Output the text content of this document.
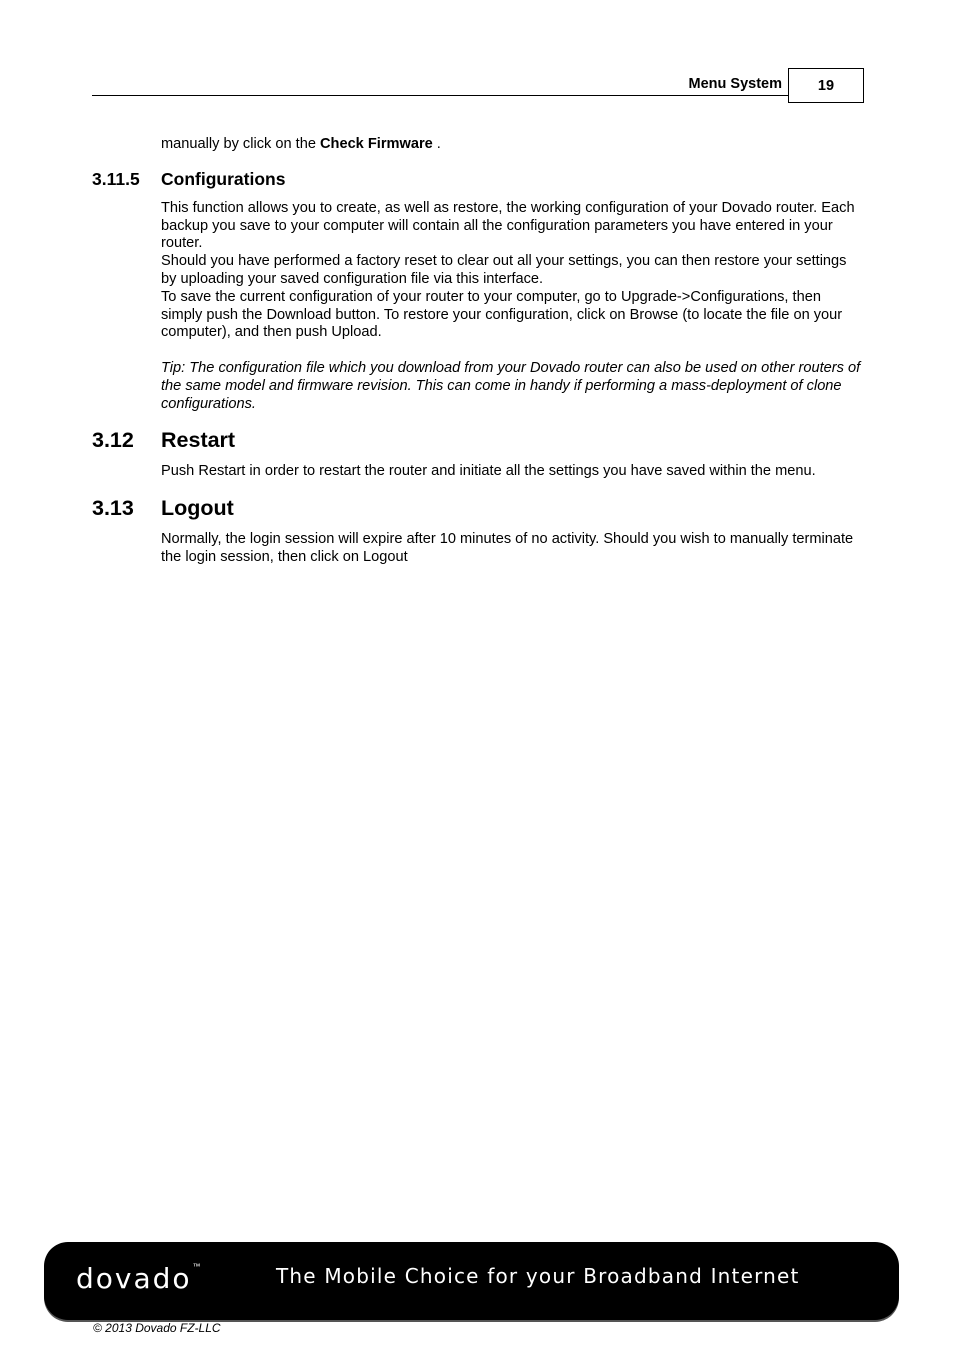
Menu System	19

manually by click on the Check Firmware .

3.11.5	Configurations

This function allows you to create, as well as restore, the working configuration of your Dovado router. Each backup you save to your computer will contain all the configuration parameters you have entered in your router.

Should you have performed a factory reset to clear out all your settings, you can then restore your settings by uploading your saved configuration file via this interface.

To save the current configuration of your router to your computer, go to Upgrade->Configurations, then simply push the Download button. To restore your configuration, click on Browse (to locate the file on your computer), and then push Upload.

Tip: The configuration file which you download from your Dovado router can also be used on other routers of the same model and firmware revision. This can come in handy if performing a mass-deployment of clone configurations.

3.12	Restart

Push Restart in order to restart the router and initiate all the settings you have saved within the menu.

3.13	Logout

Normally, the login session will expire after 10 minutes of no activity. Should you wish to manually terminate the login session, then click on Logout

dovado™	The Mobile Choice for your Broadband Internet
© 2013 Dovado FZ-LLC
